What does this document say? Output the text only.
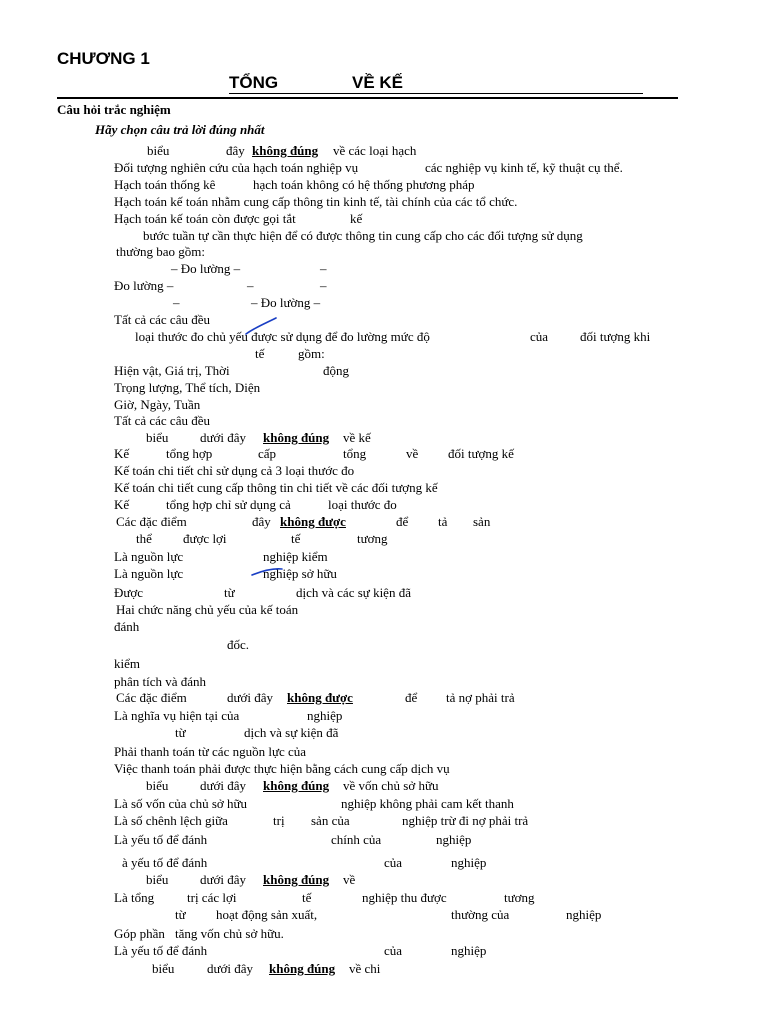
CHƯƠNG 1
TỔNG	VỀ KẾ
Câu hỏi trắc nghiệm
Hãy chọn câu trả lời đúng nhất
biểu	đây không đúng về các loại hạch
Đối tượng nghiên cứu của hạch toán nghiệp vụ	các nghiệp vụ kinh tế, kỹ thuật cụ thể.
Hạch toán thống kê	hạch toán không có hệ thống phương pháp
Hạch toán kế toán nhằm cung cấp thông tin kinh tế, tài chính của các tổ chức.
Hạch toán kế toán còn được gọi tắt	kế
bước tuần tự cần thực hiện để có được thông tin cung cấp cho các đối tượng sử dụng
thường bao gồm:
– Đo lường –	–
Đo lường –	–	–
–	– Đo lường –
Tất cả các câu đều
loại thước đo chủ yếu được sử dụng để đo lường mức độ	của đối tượng khi
tế	gồm:
Hiện vật, Giá trị, Thời	động
Trọng lượng, Thể tích, Diện
Giờ, Ngày, Tuần
Tất cả các câu đều
biểu dưới đây không đúng về kế
Kế	tổng hợp	cấp	tổng	về đối tượng kế
Kế toán chi tiết chỉ sử dụng cả 3 loại thước đo
Kế toán chi tiết cung cấp thông tin chi tiết về các đối tượng kế
Kế	tổng hợp chỉ sử dụng cả	loại thước đo
Các đặc điểm	đây không được	để tả sản
thể được lợi	tế	tương
Là nguồn lực	nghiệp kiểm
Là nguồn lực	nghiệp sở hữu
Được	từ	dịch và các sự kiện đã
Hai chức năng chủ yếu của kế toán
đánh
đốc.
kiểm
phân tích và đánh
Các đặc điểm	dưới đây không được	để tả nợ phải trả
Là nghĩa vụ hiện tại của	nghiệp
từ	dịch và sự kiện đã
Phải thanh toán từ các nguồn lực của
Việc thanh toán phải được thực hiện bằng cách cung cấp dịch vụ
biểu dưới đây không đúng về vốn chủ sở hữu
Là số vốn của chủ sở hữu	nghiệp không phải cam kết thanh
Là số chênh lệch giữa	trị sản của	nghiệp trừ đi nợ phải trả
Là yếu tố để đánh	chính của	nghiệp
à yếu tố để đánh	của	nghiệp
biểu dưới đây không đúng về
Là tổng	trị các lợi	tế	nghiệp thu được	tương
từ hoạt động sản xuất,	thường của	nghiệp
Góp phần tăng vốn chủ sở hữu.
Là yếu tố để đánh	của	nghiệp
biểu	dưới đây không đúng về chi
